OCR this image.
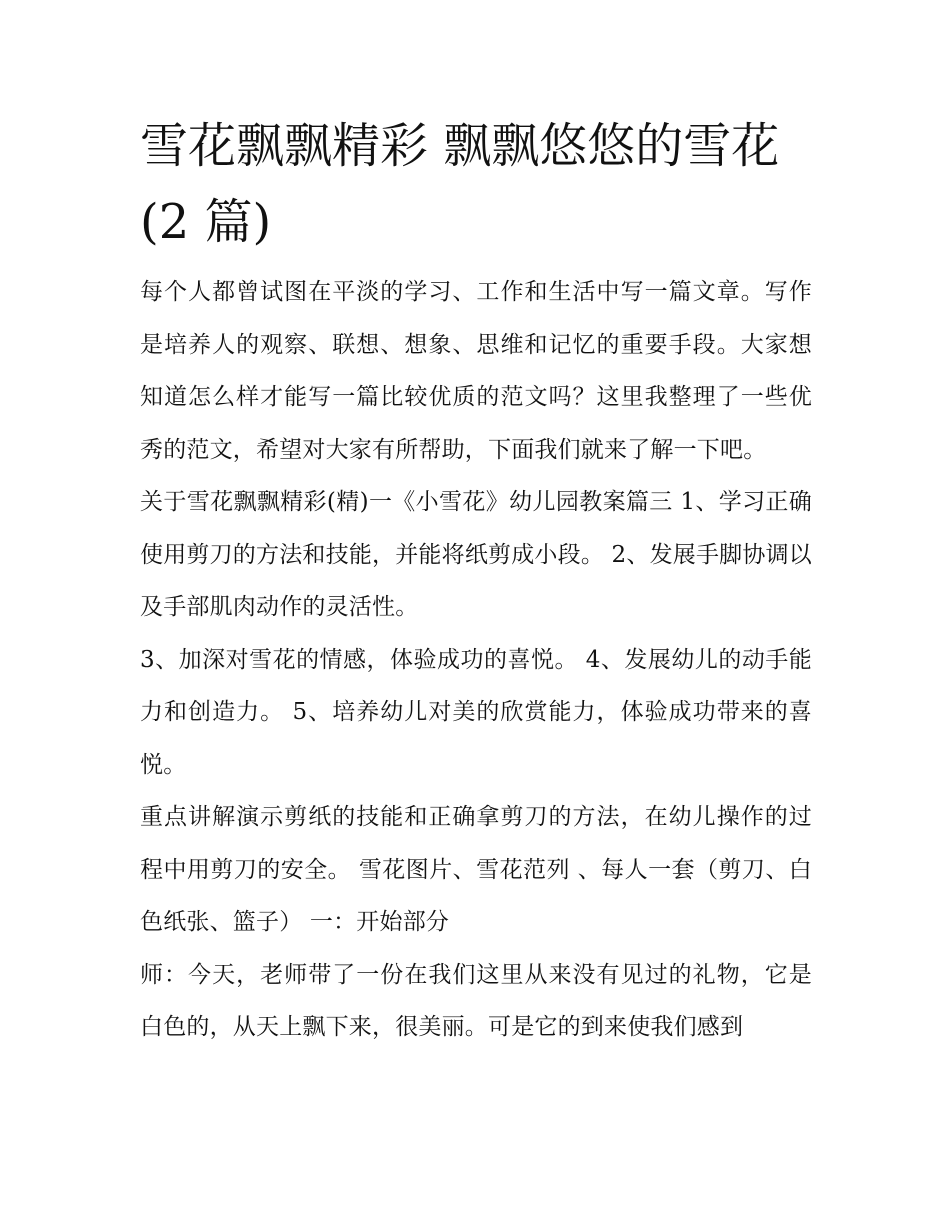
雪花飘飘精彩 飘飘悠悠的雪花
(2 篇)

每个人都曾试图在平淡的学习、工作和生活中写一篇文章。写作是培养人的观察、联想、想象、思维和记忆的重要手段。大家想知道怎么样才能写一篇比较优质的范文吗？这里我整理了一些优秀的范文，希望对大家有所帮助，下面我们就来了解一下吧。

关于雪花飘飘精彩(精)一《小雪花》幼儿园教案篇三 1、学习正确使用剪刀的方法和技能，并能将纸剪成小段。 2、发展手脚协调以及手部肌肉动作的灵活性。

3、加深对雪花的情感，体验成功的喜悦。 4、发展幼儿的动手能力和创造力。 5、培养幼儿对美的欣赏能力，体验成功带来的喜悦。

重点讲解演示剪纸的技能和正确拿剪刀的方法，在幼儿操作的过程中用剪刀的安全。 雪花图片、雪花范列 、每人一套（剪刀、白色纸张、篮子） 一：开始部分

师：今天，老师带了一份在我们这里从来没有见过的礼物，它是白色的，从天上飘下来，很美丽。可是它的到来使我们感到
